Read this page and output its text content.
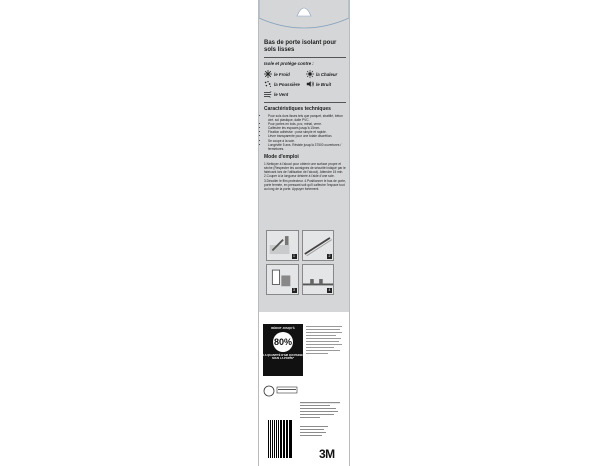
Bas de porte isolant pour sols lisses
Isole et protège contre :
le Froid	la Chaleur
la Poussière	le Bruit
le Vent
Caractéristiques techniques
• Pour sols durs lisses tels que parquet, stratifié, béton ciré, sol plastique, dalle PVC.
• Pour portes en bois, pvc, métal, verre.
• Calfeutre les espaces jusqu'à 15mm.
• Fixation adhésive : pose simple et rapide.
• Lèvre transparente pour une totale discrétion.
• Se coupe à la scie.
• Longévité 5 ans. Résiste jusqu'à 37500 ouvertures / fermetures.
Mode d'emploi
1.Nettoyer à l'alcool pour obtenir une surface propre et sèche (Respecter les consignes de sécurité indiqué par le fabricant lors de l'utilisation de l'alcool). Attendre 15 min. 2.Couper à la longueur désirée à l'aide d'une scie. 3.Décoller le film protecteur. 4.Positionner le bas de porte, porte fermée, en pressant soit qu'il calfeutre l'espace tout au long de la porte. Appuyer fortement.
1	2
3	4
RÉDUIT JUSQU'À
80%
LA QUANTITÉ D'AIR QUI PASSE SOUS LA PORTE*
3M
